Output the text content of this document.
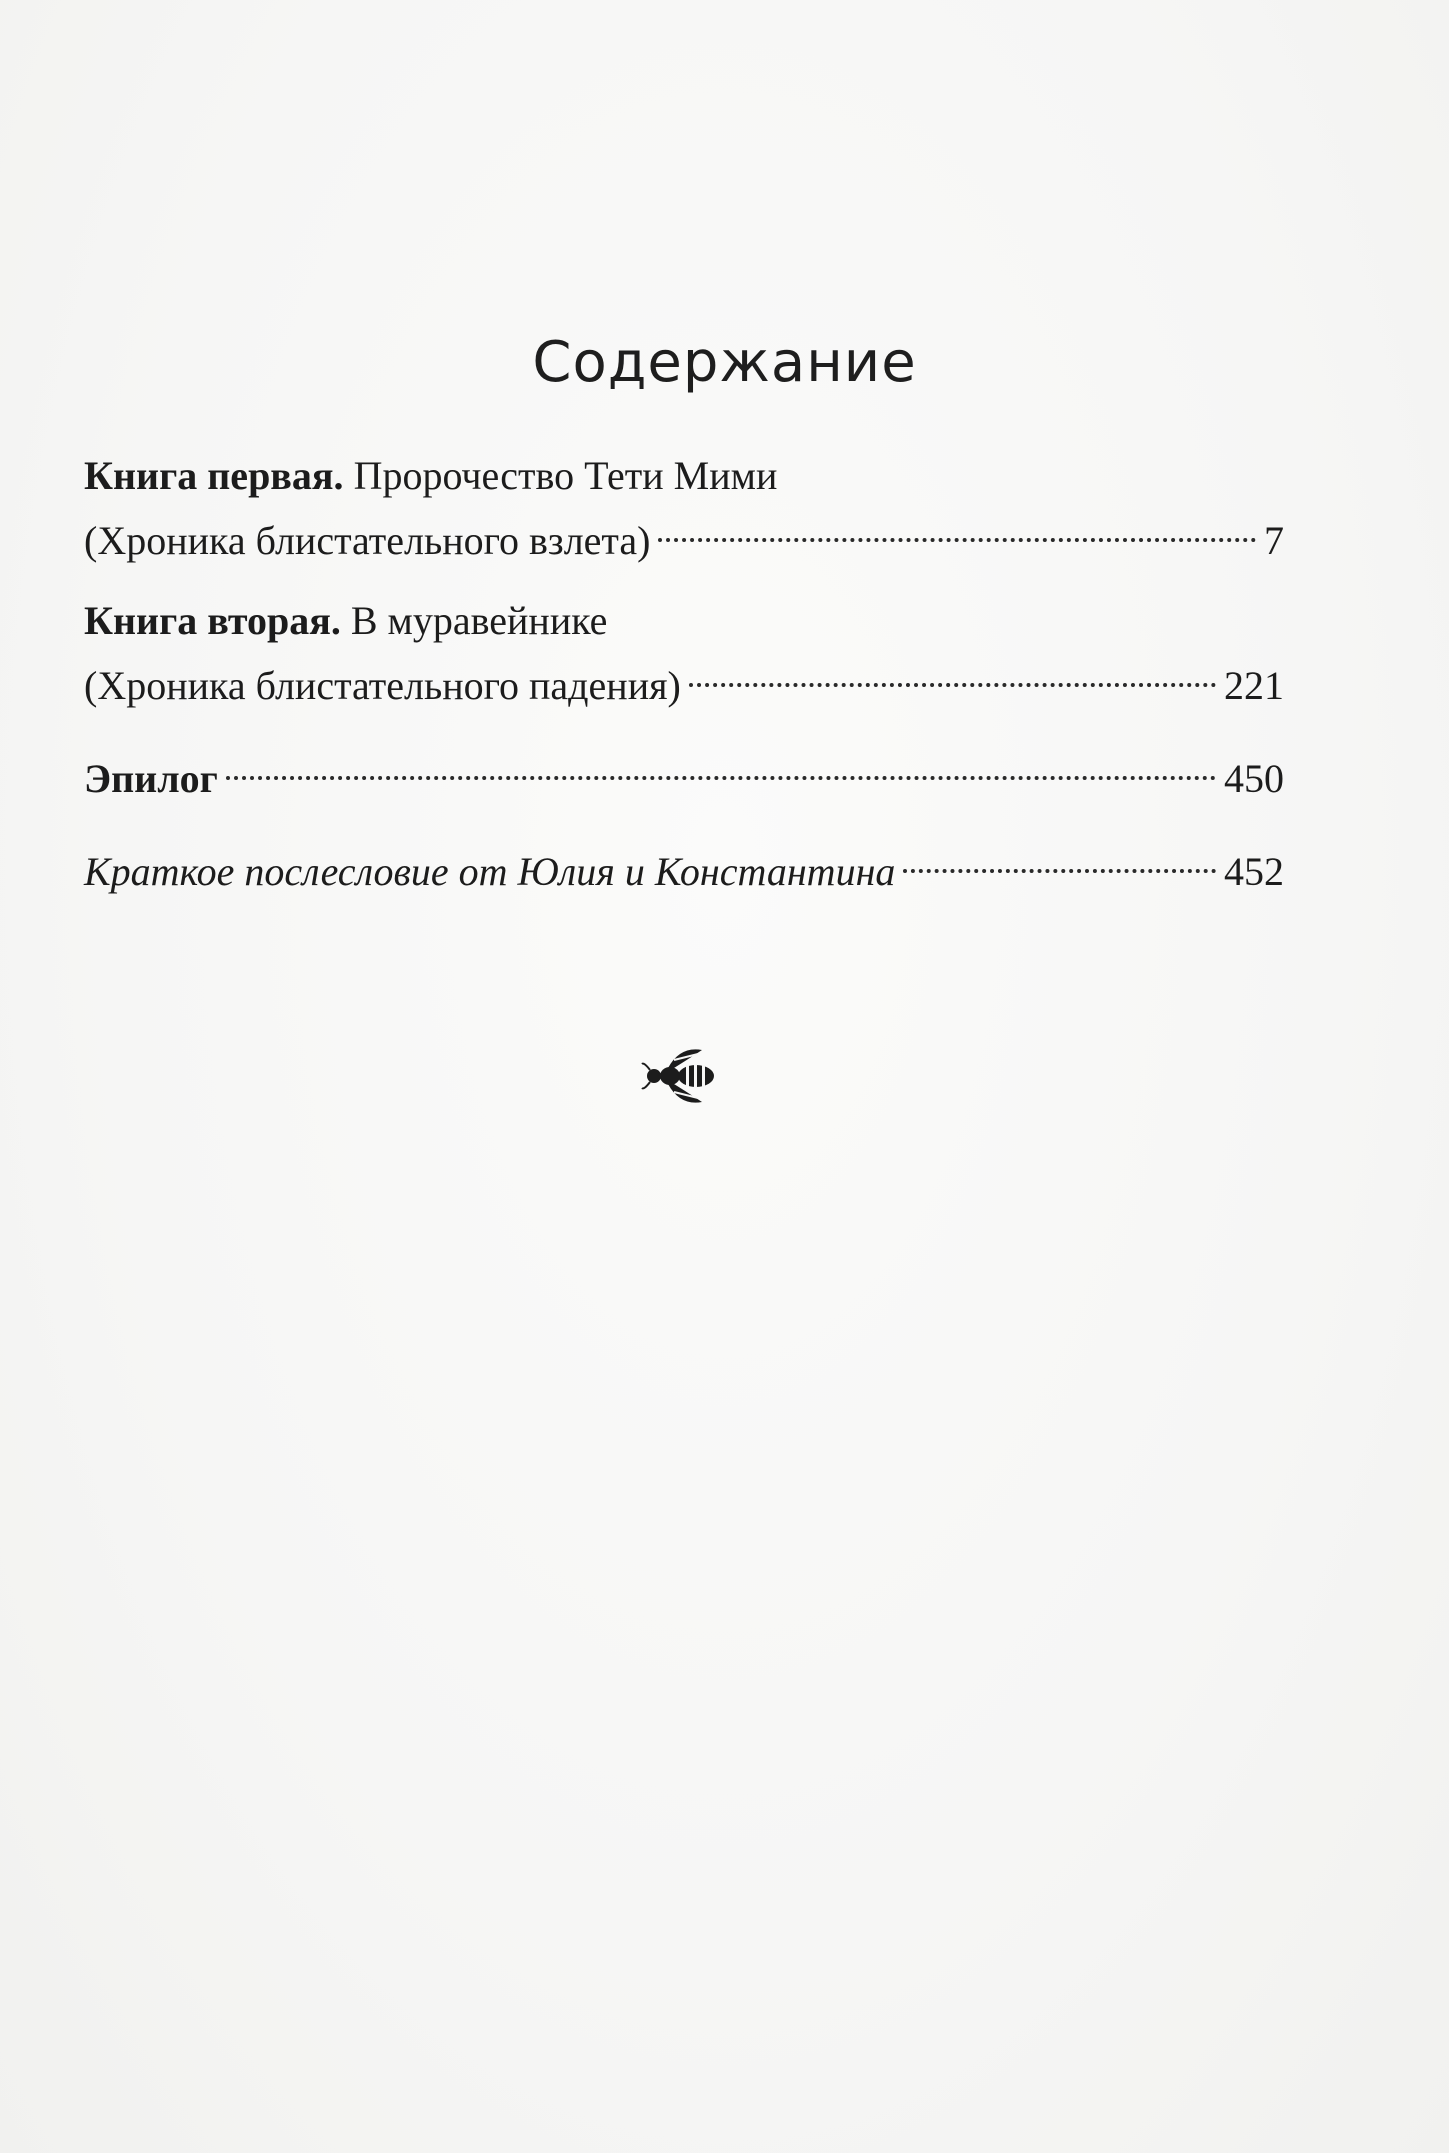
Содержание
Книга первая. Пророчество Тети Мими
(Хроника блистательного взлета)	7
Книга вторая. В муравейнике
(Хроника блистательного падения)	221
Эпилог	450
Краткое послесловие от Юлия и Константина	452
